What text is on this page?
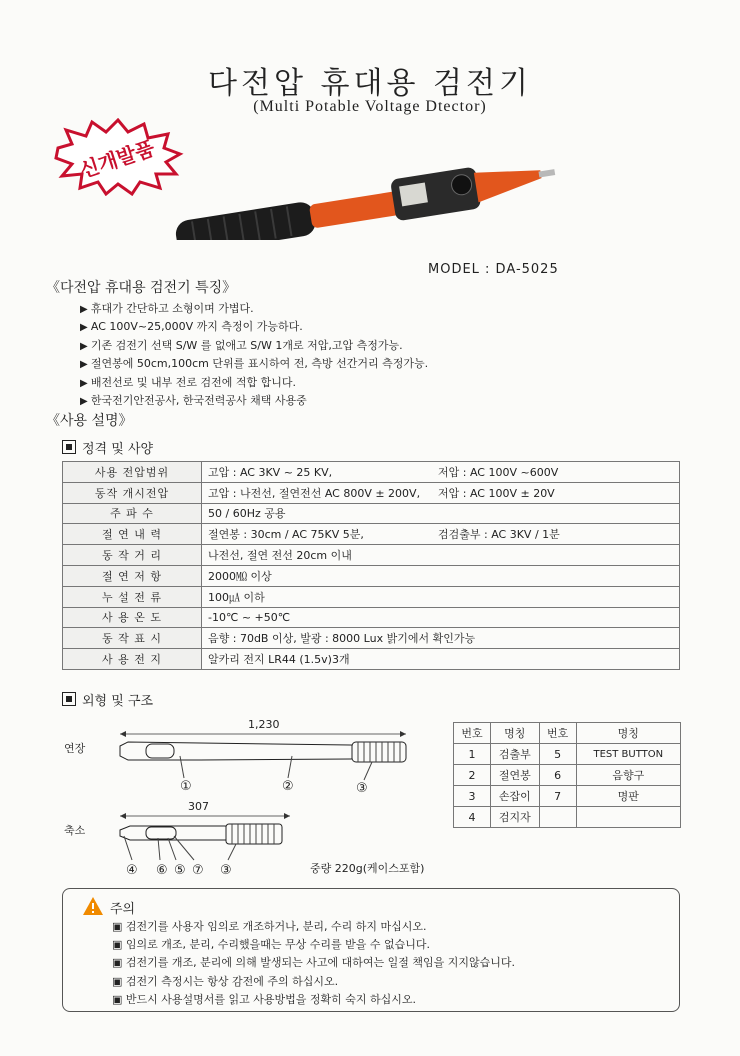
다전압 휴대용 검전기
(Multi Potable Voltage Dtector)
신개발품
MODEL : DA-5025
《다전압 휴대용 검전기 특징》
▶ 휴대가 간단하고 소형이며 가볍다.
▶ AC 100V~25,000V 까지 측정이 가능하다.
▶ 기존 검전기 선택 S/W 를 없애고 S/W 1개로 저압,고압 측정가능.
▶ 절연봉에 50cm,100cm 단위를 표시하여 전, 측방 선간거리 측정가능.
▶ 배전선로 및 내부 전로 검전에 적합 합니다.
▶ 한국전기안전공사, 한국전력공사 채택 사용중
《사용 설명》
정격 및 사양
사용 전압범위	고압 : AC 3KV ~ 25 KV, 저압 : AC 100V ~600V
동작 개시전압	고압 : 나전선, 절연전선 AC 800V ± 200V, 저압 : AC 100V ± 20V
주 파 수	50 / 60Hz 공용
절 연 내 력	절연봉 : 30cm / AC 75KV 5분, 검검출부 : AC 3KV / 1분
동 작 거 리	나전선, 절연 전선 20cm 이내
절 연 저 항	2000㏁ 이상
누 설 전 류	100㎂ 이하
사 용 온 도	-10℃ ~ +50℃
동 작 표 시	음향 : 70dB 이상, 발광 : 8000 Lux 밝기에서 확인가능
사 용 전 지	알카리 전지 LR44 (1.5v)3개
외형 및 구조
연장
1,230
①	②	③
축소
307
④ ⑥ ⑤ ⑦ ③	중량 220g(케이스포함)
번호	명칭	번호	명칭
1	검출부	5	TEST BUTTON
2	절연봉	6	음향구
3	손잡이	7	명판
4	검지자		
주의
▣ 검전기를 사용자 임의로 개조하거나, 분리, 수리 하지 마십시오.
▣ 임의로 개조, 분리, 수리했을때는 무상 수리를 받을 수 없습니다.
▣ 검전기를 개조, 분리에 의해 발생되는 사고에 대하여는 일절 책임을 지지않습니다.
▣ 검전기 측정시는 항상 감전에 주의 하십시오.
▣ 반드시 사용설명서를 읽고 사용방법을 정확히 숙지 하십시오.
